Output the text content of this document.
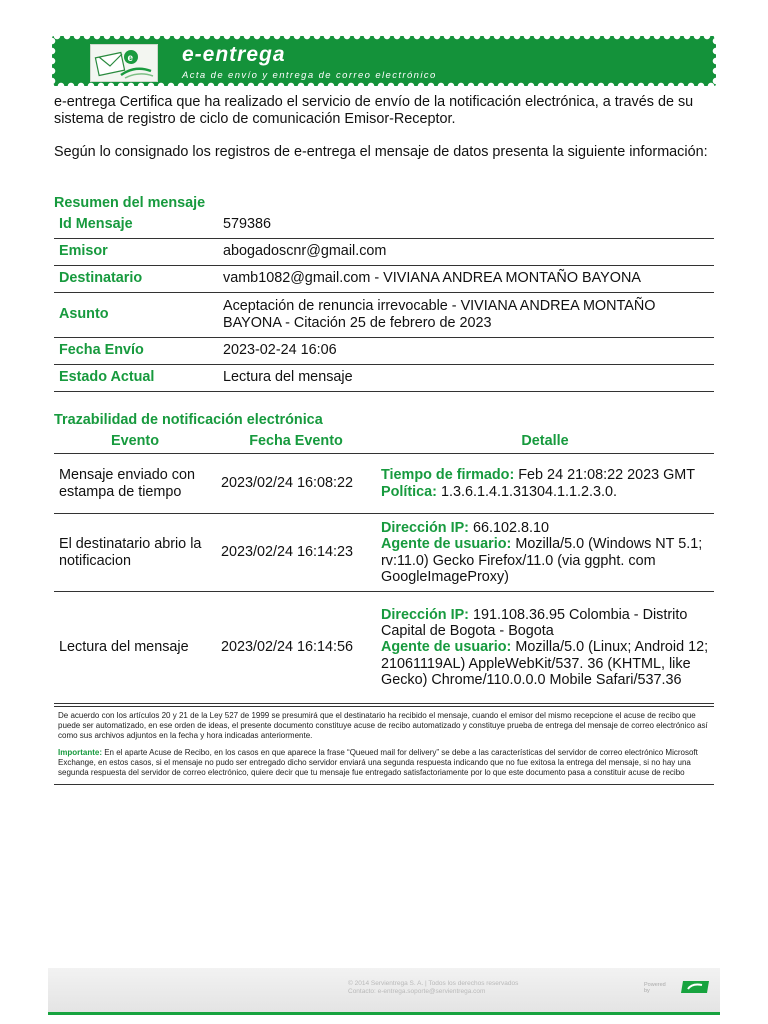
e e-entrega
Acta de envío y entrega de correo electrónico

e-entrega Certifica que ha realizado el servicio de envío de la notificación electrónica, a través de su sistema de registro de ciclo de comunicación Emisor-Receptor.

Según lo consignado los registros de e-entrega el mensaje de datos presenta la siguiente información:

Resumen del mensaje
Id Mensaje	579386
Emisor	abogadoscnr@gmail.com
Destinatario	vamb1082@gmail.com - VIVIANA ANDREA MONTAÑO BAYONA
Asunto	Aceptación de renuncia irrevocable - VIVIANA ANDREA MONTAÑO BAYONA - Citación 25 de febrero de 2023
Fecha Envío	2023-02-24 16:06
Estado Actual	Lectura del mensaje
Trazabilidad de notificación electrónica
Evento	Fecha Evento	Detalle
Mensaje enviado con estampa de tiempo	2023/02/24 16:08:22	Tiempo de firmado: Feb 24 21:08:22 2023 GMT
Política: 1.3.6.1.4.1.31304.1.1.2.3.0.
El destinatario abrio la notificacion	2023/02/24 16:14:23	Dirección IP: 66.102.8.10
Agente de usuario: Mozilla/5.0 (Windows NT 5.1; rv:11.0) Gecko Firefox/11.0 (via ggpht. com GoogleImageProxy)
Lectura del mensaje	2023/02/24 16:14:56	Dirección IP: 191.108.36.95 Colombia - Distrito Capital de Bogota - Bogota
Agente de usuario: Mozilla/5.0 (Linux; Android 12; 21061119AL) AppleWebKit/537. 36 (KHTML, like Gecko) Chrome/110.0.0.0 Mobile Safari/537.36

De acuerdo con los artículos 20 y 21 de la Ley 527 de 1999 se presumirá que el destinatario ha recibido el mensaje, cuando el emisor del mismo recepcione el acuse de recibo que puede ser automatizado, en ese orden de ideas, el presente documento constituye acuse de recibo automatizado y constituye prueba de entrega del mensaje de correo electrónico así como sus archivos adjuntos en la fecha y hora indicadas anteriormente.

Importante: En el aparte Acuse de Recibo, en los casos en que aparece la frase “Queued mail for delivery” se debe a las características del servidor de correo electrónico Microsoft Exchange, en estos casos, si el mensaje no pudo ser entregado dicho servidor enviará una segunda respuesta indicando que no fue exitosa la entrega del mensaje, si no hay una segunda respuesta del servidor de correo electrónico, quiere decir que tu mensaje fue entregado satisfactoriamente por lo que este documento pasa a constituir acuse de recibo

© 2014 Servientrega S. A. | Todos los derechos reservados
Contacto: e-entrega.soporte@servientrega.com
Powered by
